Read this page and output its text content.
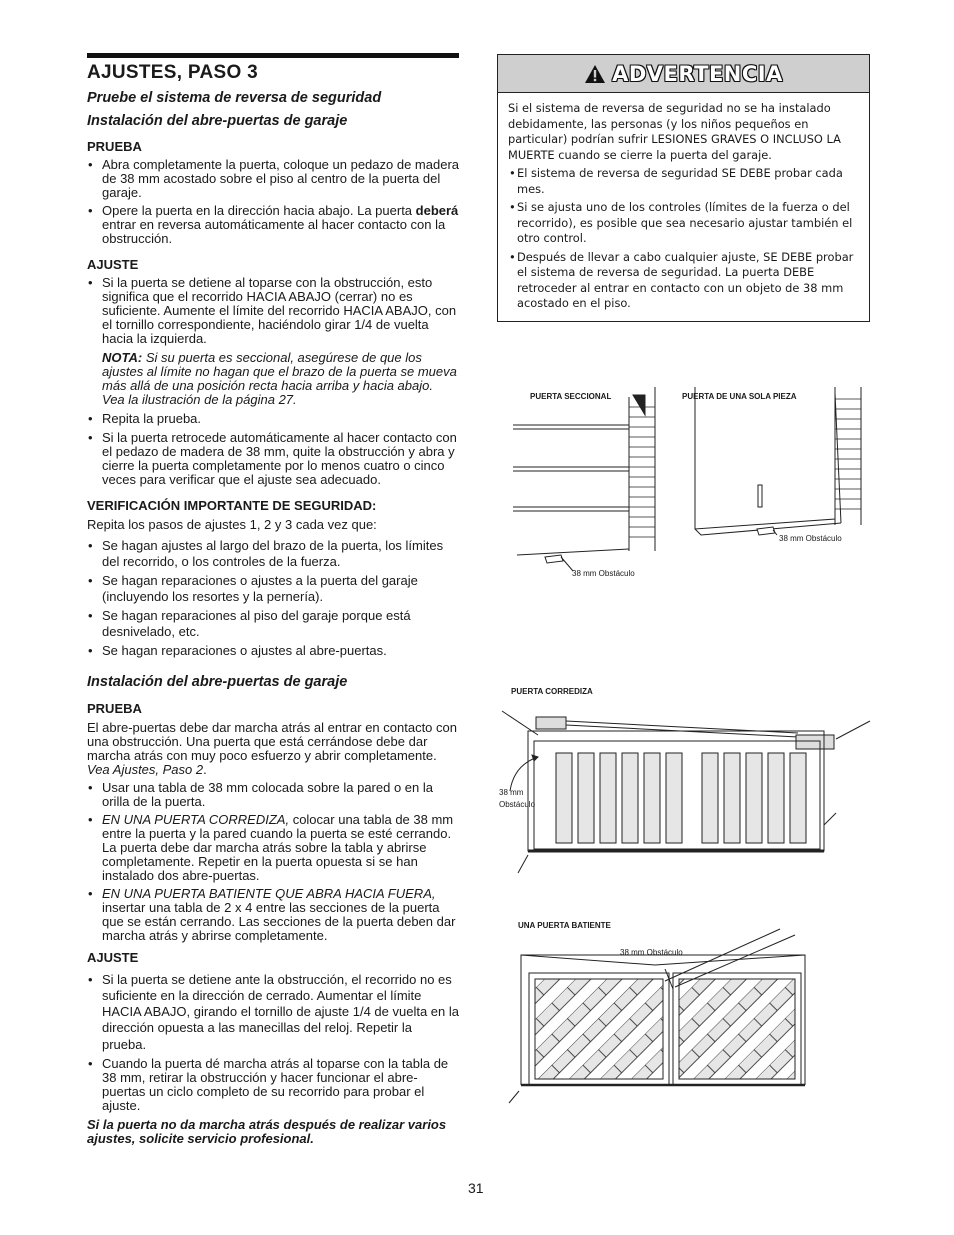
AJUSTES, PASO 3
Pruebe el sistema de reversa de seguridad
Instalación del abre-puertas de garaje
PRUEBA
• Abra completamente la puerta, coloque un pedazo de madera de 38 mm acostado sobre el piso al centro de la puerta del garaje.
• Opere la puerta en la dirección hacia abajo. La puerta deberá entrar en reversa automáticamente al hacer contacto con la obstrucción.
AJUSTE
• Si la puerta se detiene al toparse con la obstrucción, esto significa que el recorrido HACIA ABAJO (cerrar) no es suficiente. Aumente el límite del recorrido HACIA ABAJO, con el tornillo correspondiente, haciéndolo girar 1/4 de vuelta hacia la izquierda.

NOTA: Si su puerta es seccional, asegúrese de que los ajustes al límite no hagan que el brazo de la puerta se mueva más allá de una posición recta hacia arriba y hacia abajo. Vea la ilustración de la página 27.

• Repita la prueba.
• Si la puerta retrocede automáticamente al hacer contacto con el pedazo de madera de 38 mm, quite la obstrucción y abra y cierre la puerta completamente por lo menos cuatro o cinco veces para verificar que el ajuste sea adecuado.
VERIFICACIÓN IMPORTANTE DE SEGURIDAD:

Repita los pasos de ajustes 1, 2 y 3 cada vez que:

• Se hagan ajustes al largo del brazo de la puerta, los límites del recorrido, o los controles de la fuerza.
• Se hagan reparaciones o ajustes a la puerta del garaje (incluyendo los resortes y la pernería).
• Se hagan reparaciones al piso del garaje porque está desnivelado, etc.
• Se hagan reparaciones o ajustes al abre-puertas.
Instalación del abre-puertas de garaje
PRUEBA

El abre-puertas debe dar marcha atrás al entrar en contacto con una obstrucción. Una puerta que está cerrándose debe dar marcha atrás con muy poco esfuerzo y abrir completamente. Vea Ajustes, Paso 2.

• Usar una tabla de 38 mm colocada sobre la pared o en la orilla de la puerta.
• EN UNA PUERTA CORREDIZA, colocar una tabla de 38 mm entre la puerta y la pared cuando la puerta se esté cerrando. La puerta debe dar marcha atrás sobre la tabla y abrirse completamente. Repetir en la puerta opuesta si se han instalado dos abre-puertas.
• EN UNA PUERTA BATIENTE QUE ABRA HACIA FUERA, insertar una tabla de 2 x 4 entre las secciones de la puerta que se están cerrando. Las secciones de la puerta deben dar marcha atrás y abrirse completamente.
AJUSTE
• Si la puerta se detiene ante la obstrucción, el recorrido no es suficiente en la dirección de cerrado. Aumentar el límite HACIA ABAJO, girando el tornillo de ajuste 1/4 de vuelta en la dirección opuesta a las manecillas del reloj. Repetir la prueba.
• Cuando la puerta dé marcha atrás al toparse con la tabla de 38 mm, retirar la obstrucción y hacer funcionar el abre-puertas un ciclo completo de su recorrido para probar el ajuste.

Si la puerta no da marcha atrás después de realizar varios ajustes, solicite servicio profesional.

ADVERTENCIA

Si el sistema de reversa de seguridad no se ha instalado debidamente, las personas (y los niños pequeños en particular) podrían sufrir LESIONES GRAVES O INCLUSO LA MUERTE cuando se cierre la puerta del garaje.

• El sistema de reversa de seguridad SE DEBE probar cada mes.
• Si se ajusta uno de los controles (límites de la fuerza o del recorrido), es posible que sea necesario ajustar también el otro control.
• Después de llevar a cabo cualquier ajuste, SE DEBE probar el sistema de reversa de seguridad. La puerta DEBE retroceder al entrar en contacto con un objeto de 38 mm acostado en el piso.
PUERTA SECCIONAL	PUERTA DE UNA SOLA PIEZA
38 mm Obstáculo
38 mm Obstáculo
PUERTA CORREDIZA
38 mm
Obstáculo
UNA PUERTA BATIENTE
38 mm Obstáculo
31
